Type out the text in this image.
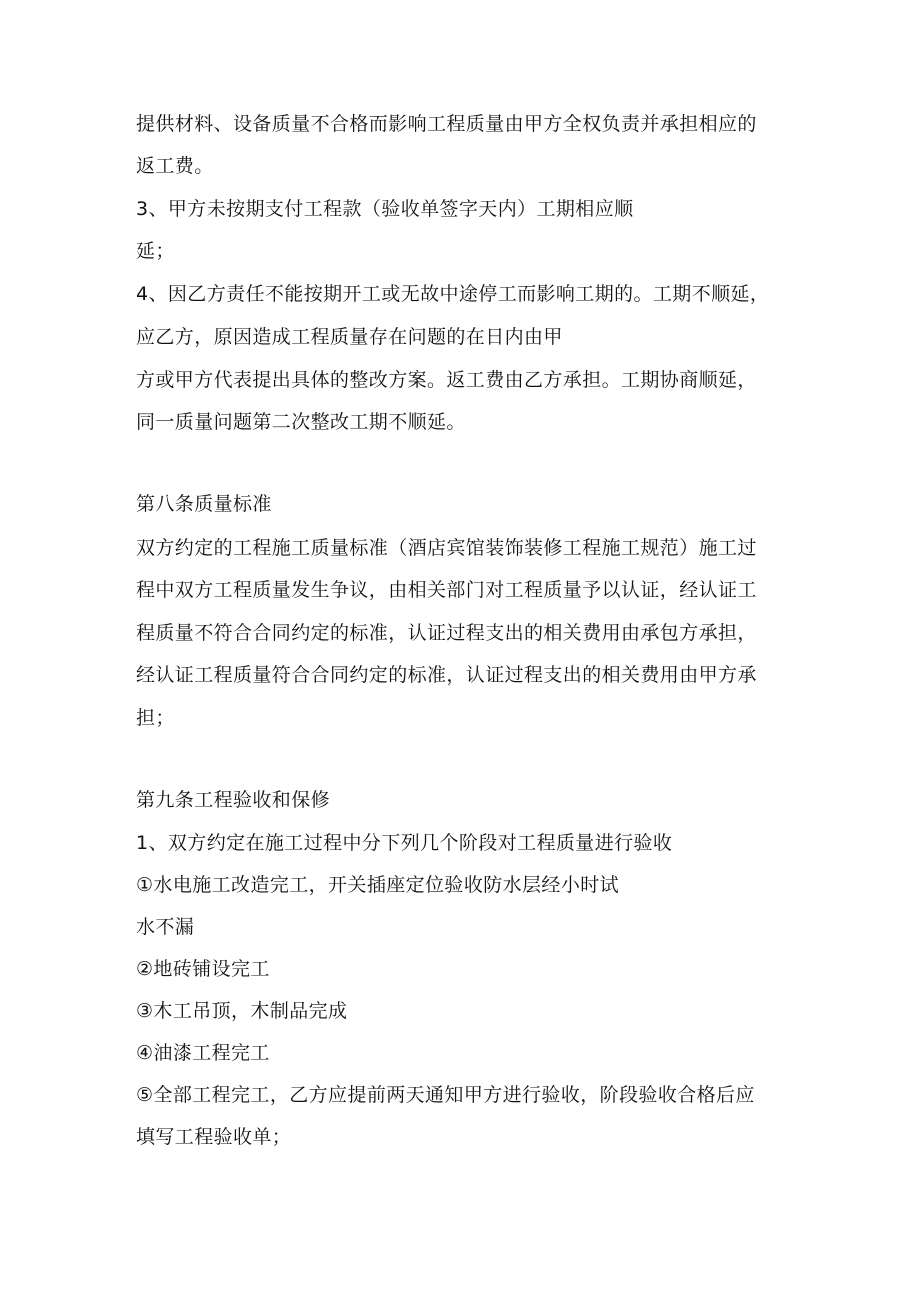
提供材料、设备质量不合格而影响工程质量由甲方全权负责并承担相应的
返工费。
3、甲方未按期支付工程款（验收单签字天内）工期相应顺
延；
4、因乙方责任不能按期开工或无故中途停工而影响工期的。工期不顺延，
应乙方，原因造成工程质量存在问题的在日内由甲
方或甲方代表提出具体的整改方案。返工费由乙方承担。工期协商顺延，
同一质量问题第二次整改工期不顺延。
第八条质量标准
双方约定的工程施工质量标准（酒店宾馆装饰装修工程施工规范）施工过
程中双方工程质量发生争议，由相关部门对工程质量予以认证，经认证工
程质量不符合合同约定的标准，认证过程支出的相关费用由承包方承担，
经认证工程质量符合合同约定的标准，认证过程支出的相关费用由甲方承
担；
第九条工程验收和保修
1、双方约定在施工过程中分下列几个阶段对工程质量进行验收
①水电施工改造完工，开关插座定位验收防水层经小时试
水不漏
②地砖铺设完工
③木工吊顶，木制品完成
④油漆工程完工
⑤全部工程完工，乙方应提前两天通知甲方进行验收，阶段验收合格后应
填写工程验收单；
